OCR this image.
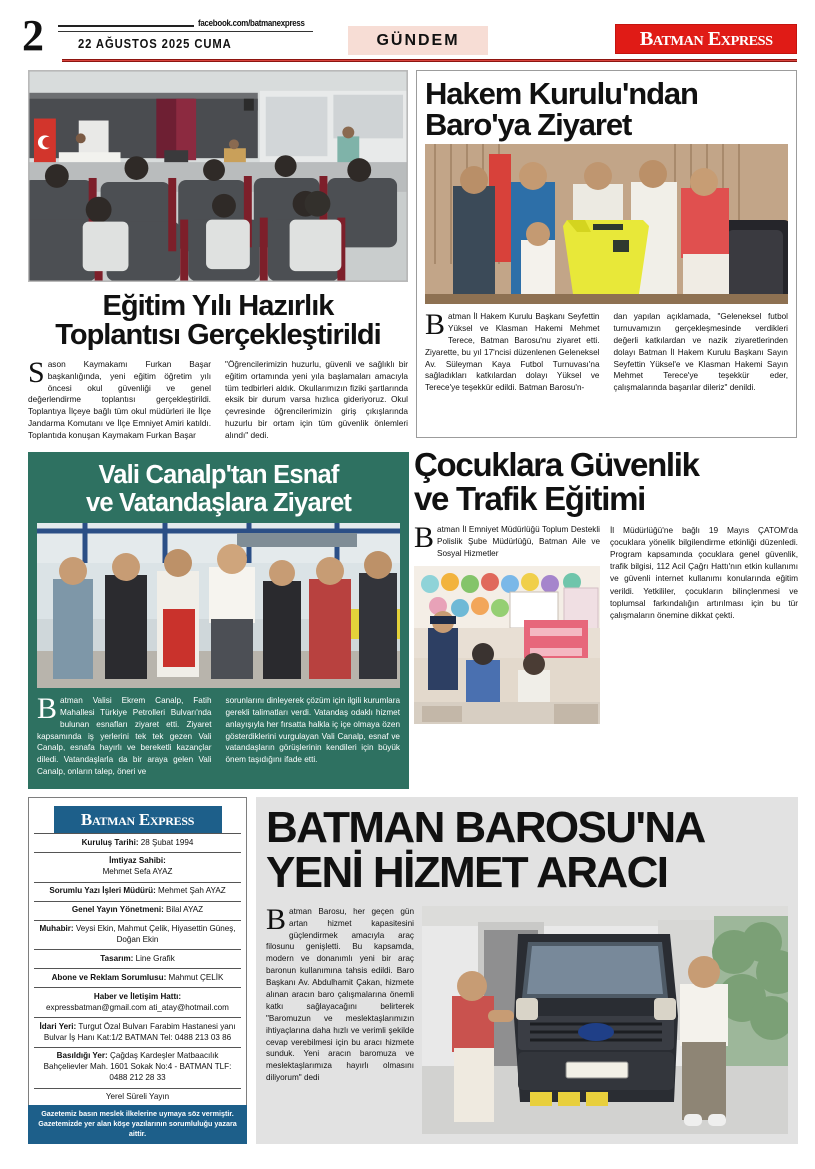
2	facebook.com/batmanexpress
22 AĞUSTOS 2025 CUMA	GÜNDEM	Batman Express
Eğitim Yılı Hazırlık
Toplantısı Gerçekleştirildi

Sason Kaymakamı Furkan Başar başkanlığında, yeni eğitim öğretim yılı öncesi okul güvenliği ve genel değerlendirme toplantısı gerçekleştirildi. Toplantıya İlçeye bağlı tüm okul müdürleri ile İlçe Jandarma Komutanı ve İlçe Emniyet Amiri katıldı. Toplantıda konuşan Kaymakam Furkan Başar

"Öğrencilerimizin huzurlu, güvenli ve sağlıklı bir eğitim ortamında yeni yıla başlamaları amacıyla tüm tedbirleri aldık. Okullarımızın fiziki şartlarında eksik bir durum varsa hızlıca gideriyoruz. Okul çevresinde öğrencilerimizin giriş çıkışlarında huzurlu bir ortam için tüm güvenlik önlemleri alındı" dedi.

Hakem Kurulu'ndan
Baro'ya Ziyaret

Batman İl Hakem Kurulu Başkanı Seyfettin Yüksel ve Klasman Hakemi Mehmet Terece, Batman Barosu'nu ziyaret etti. Ziyarette, bu yıl 17'ncisi düzenlenen Geleneksel Av. Süleyman Kaya Futbol Turnuvası'na sağladıkları katkılardan dolayı Yüksel ve Terece'ye teşekkür edildi. Batman Barosu'n-

dan yapılan açıklamada, "Geleneksel futbol turnuvamızın gerçekleşmesinde verdikleri değerli katkılardan ve nazik ziyaretlerinden dolayı Batman İl Hakem Kurulu Başkanı Sayın Seyfettin Yüksel'e ve Klasman Hakemi Sayın Mehmet Terece'ye teşekkür eder, çalışmalarında başarılar dileriz" denildi.

Vali Canalp'tan Esnaf
ve Vatandaşlara Ziyaret

Batman Valisi Ekrem Canalp, Fatih Mahallesi Türkiye Petrolleri Bulvarı'nda bulunan esnafları ziyaret etti. Ziyaret kapsamında iş yerlerini tek tek gezen Vali Canalp, esnafa hayırlı ve bereketli kazançlar diledi. Vatandaşlarla da bir araya gelen Vali Canalp, onların talep, öneri ve

sorunlarını dinleyerek çözüm için ilgili kurumlara gerekli talimatları verdi. Vatandaş odaklı hizmet anlayışıyla her fırsatta halkla iç içe olmaya özen gösterdiklerini vurgulayan Vali Canalp, esnaf ve vatandaşların görüşlerinin kendileri için büyük önem taşıdığını ifade etti.

Çocuklara Güvenlik
ve Trafik Eğitimi

Batman İl Emniyet Müdürlüğü Toplum Destekli Polislik Şube Müdürlüğü, Batman Aile ve Sosyal Hizmetler

İl Müdürlüğü'ne bağlı 19 Mayıs ÇATOM'da çocuklara yönelik bilgilendirme etkinliği düzenledi. Program kapsamında çocuklara genel güvenlik, trafik bilgisi, 112 Acil Çağrı Hattı'nın etkin kullanımı ve güvenli internet kullanımı konularında eğitim verildi. Yetkililer, çocukların bilinçlenmesi ve toplumsal farkındalığın artırılması için bu tür çalışmaların önemine dikkat çekti.

Batman Express
Kuruluş Tarihi: 28 Şubat 1994
İmtiyaz Sahibi:
Mehmet Sefa AYAZ
Sorumlu Yazı İşleri Müdürü: Mehmet Şah AYAZ
Genel Yayın Yönetmeni: Bilal AYAZ
Muhabir: Veysi Ekin, Mahmut Çelik, Hiyasettin Güneş, Doğan Ekin
Tasarım: Line Grafik
Abone ve Reklam Sorumlusu: Mahmut ÇELİK
Haber ve İletişim Hattı:
expressbatman@gmail.com ati_atay@hotmail.com
İdari Yeri: Turgut Özal Bulvarı Farabim Hastanesi yanı Bulvar İş Hanı Kat:1/2 BATMAN Tel: 0488 213 03 86
Basıldığı Yer: Çağdaş Kardeşler Matbaacılık Bahçelievler Mah. 1601 Sokak No:4 - BATMAN TLF: 0488 212 28 33
Yerel Süreli Yayın
Gazetemiz basın meslek ilkelerine uymaya söz vermiştir.
Gazetemizde yer alan köşe yazılarının sorumluluğu yazara aittir.
BATMAN BAROSU'NA
YENİ HİZMET ARACI

Batman Barosu, her geçen gün artan hizmet kapasitesini güçlendirmek amacıyla araç filosunu genişletti. Bu kapsamda, modern ve donanımlı yeni bir araç baronun kullanımına tahsis edildi. Baro Başkanı Av. Abdulhamit Çakan, hizmete alınan aracın baro çalışmalarına önemli katkı sağlayacağını belirterek "Baromuzun ve meslektaşlarımızın ihtiyaçlarına daha hızlı ve verimli şekilde cevap verebilmesi için bu aracı hizmete sunduk. Yeni aracın baromuza ve meslektaşlarımıza hayırlı olmasını diliyorum" dedi
